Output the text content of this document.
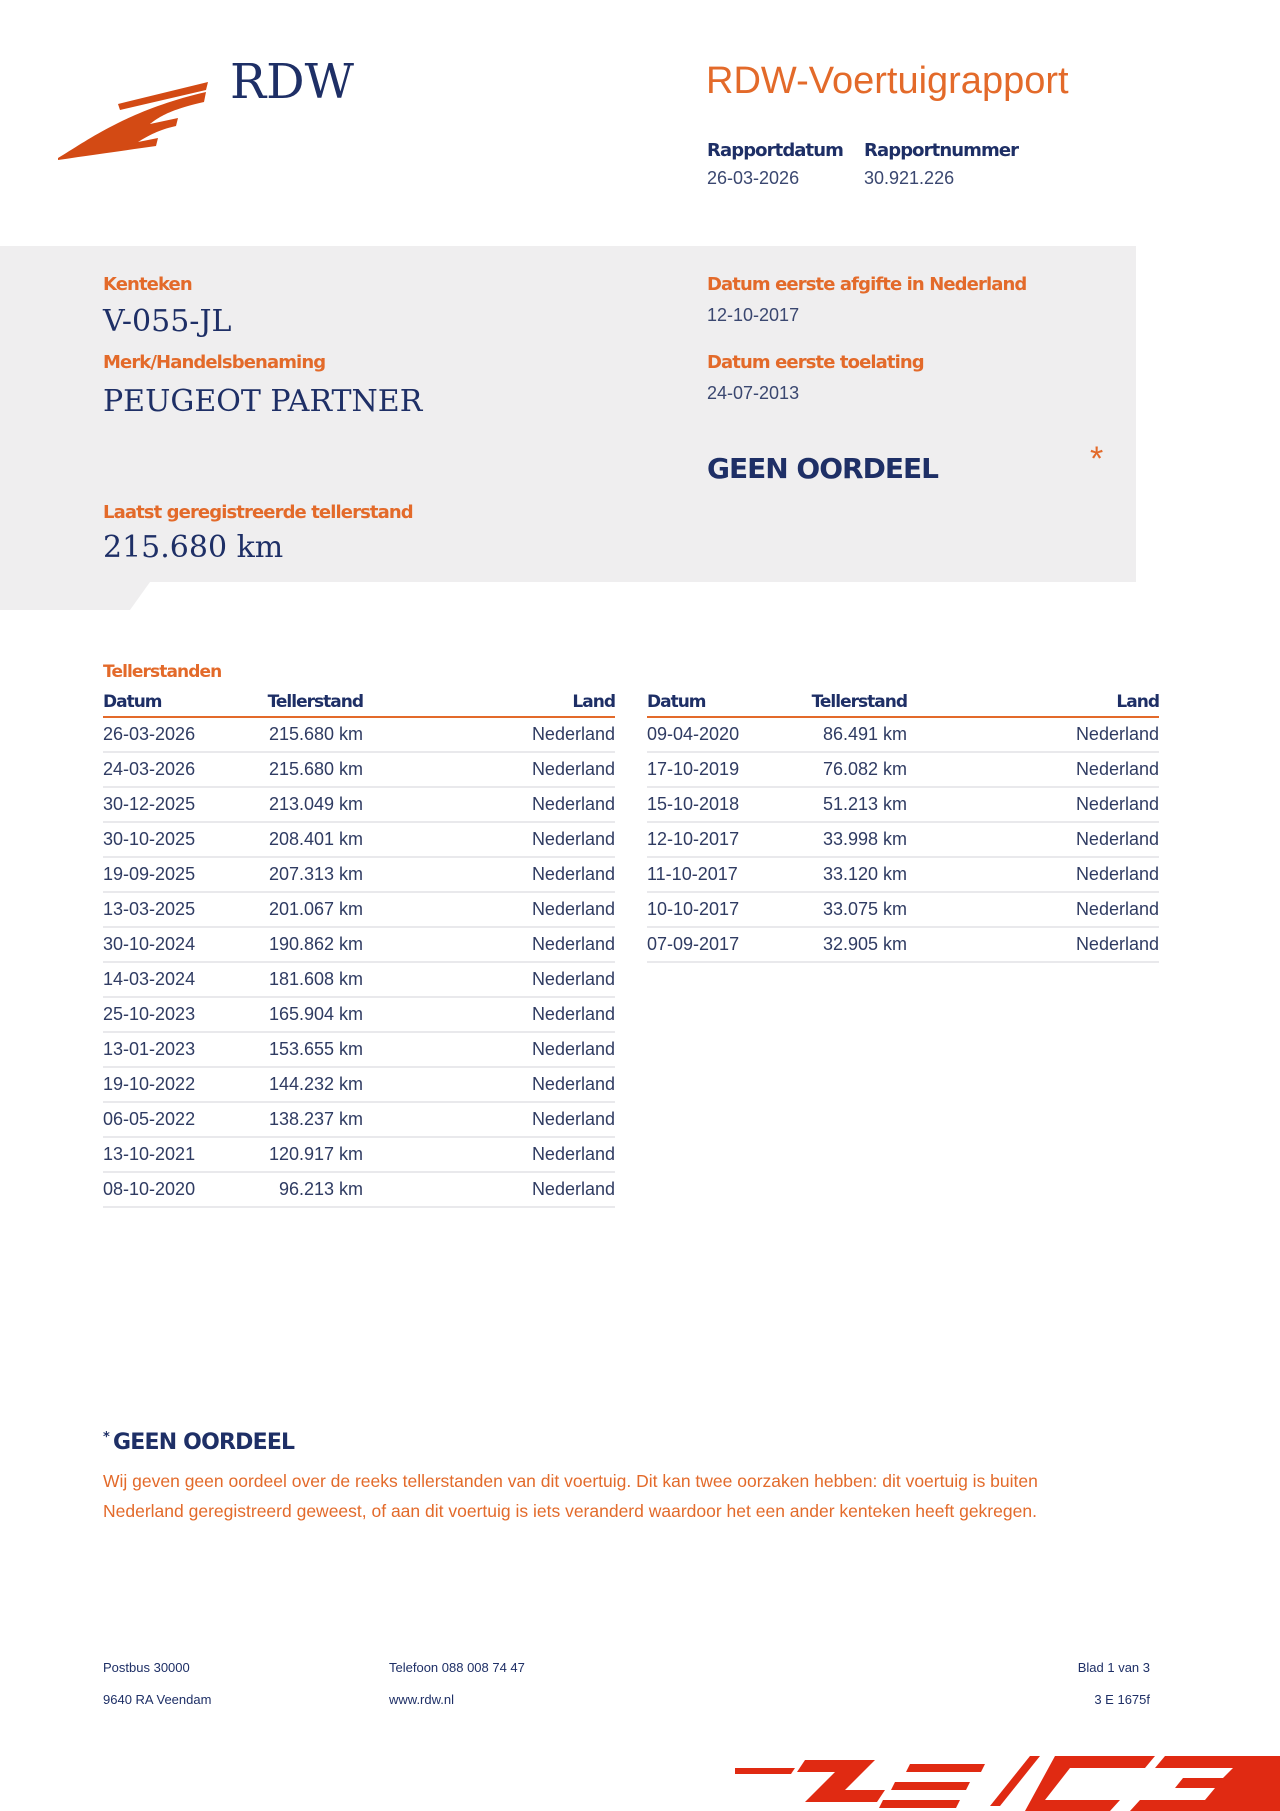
RDW	RDW-Voertuigrapport
Rapportdatum
26-03-2026
Rapportnummer
30.921.226
Kenteken
V-055-JL
Merk/Handelsbenaming
PEUGEOT PARTNER
Datum eerste afgifte in Nederland
12-10-2017
Datum eerste toelating
24-07-2013
GEEN OORDEEL	*
Laatst geregistreerde tellerstand
215.680 km
Tellerstanden
Datum	Tellerstand	Land
26-03-2026	215.680 km	Nederland
24-03-2026	215.680 km	Nederland
30-12-2025	213.049 km	Nederland
30-10-2025	208.401 km	Nederland
19-09-2025	207.313 km	Nederland
13-03-2025	201.067 km	Nederland
30-10-2024	190.862 km	Nederland
14-03-2024	181.608 km	Nederland
25-10-2023	165.904 km	Nederland
13-01-2023	153.655 km	Nederland
19-10-2022	144.232 km	Nederland
06-05-2022	138.237 km	Nederland
13-10-2021	120.917 km	Nederland
08-10-2020	96.213 km	Nederland
Datum	Tellerstand	Land
09-04-2020	86.491 km	Nederland
17-10-2019	76.082 km	Nederland
15-10-2018	51.213 km	Nederland
12-10-2017	33.998 km	Nederland
11-10-2017	33.120 km	Nederland
10-10-2017	33.075 km	Nederland
07-09-2017	32.905 km	Nederland
* GEEN OORDEEL
Wij geven geen oordeel over de reeks tellerstanden van dit voertuig. Dit kan twee oorzaken hebben: dit voertuig is buiten Nederland geregistreerd geweest, of aan dit voertuig is iets veranderd waardoor het een ander kenteken heeft gekregen.
Postbus 30000
9640 RA Veendam
Telefoon 088 008 74 47
www.rdw.nl
Blad 1 van 3
3 E 1675f
